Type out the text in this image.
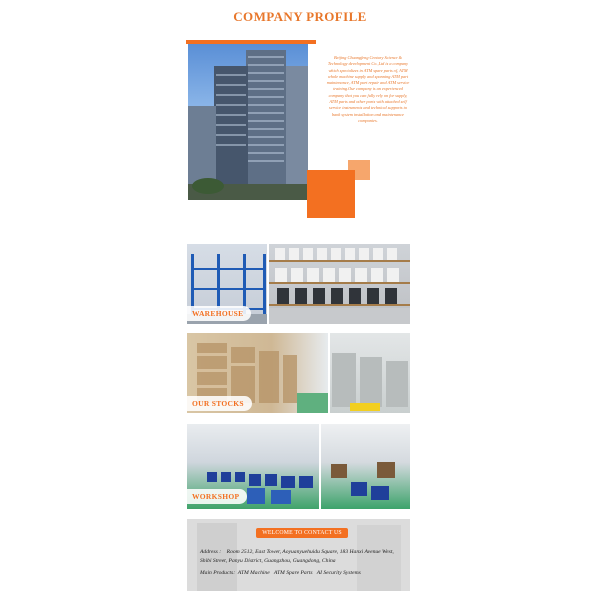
COMPANY PROFILE
Beijing Chuangfeng Century Science & Technology development Co.,Ltd is a company which specializes in ATM spare parts of, ATM whole machine supply and spanning ATM part maintenance, ATM part repair and ATM service training.Our company is an experienced company that you can fully rely on for supply, ATM parts and other parts with attached self service instruments and technical supports to bank system installation and maintenance companies.
WAREHOUSE
OUR STOCKS
WORKSHOP
WELCOME TO CONTACT US
Address : Room 2512, East Tower, Aoyuanyuehuidu Square, 183 Hanxi Avenue West, Shibi Street, Panyu District, Guangzhou, Guangdong, China
Main Products: ATM Machine ATM Spare Parts AI Security Systems
